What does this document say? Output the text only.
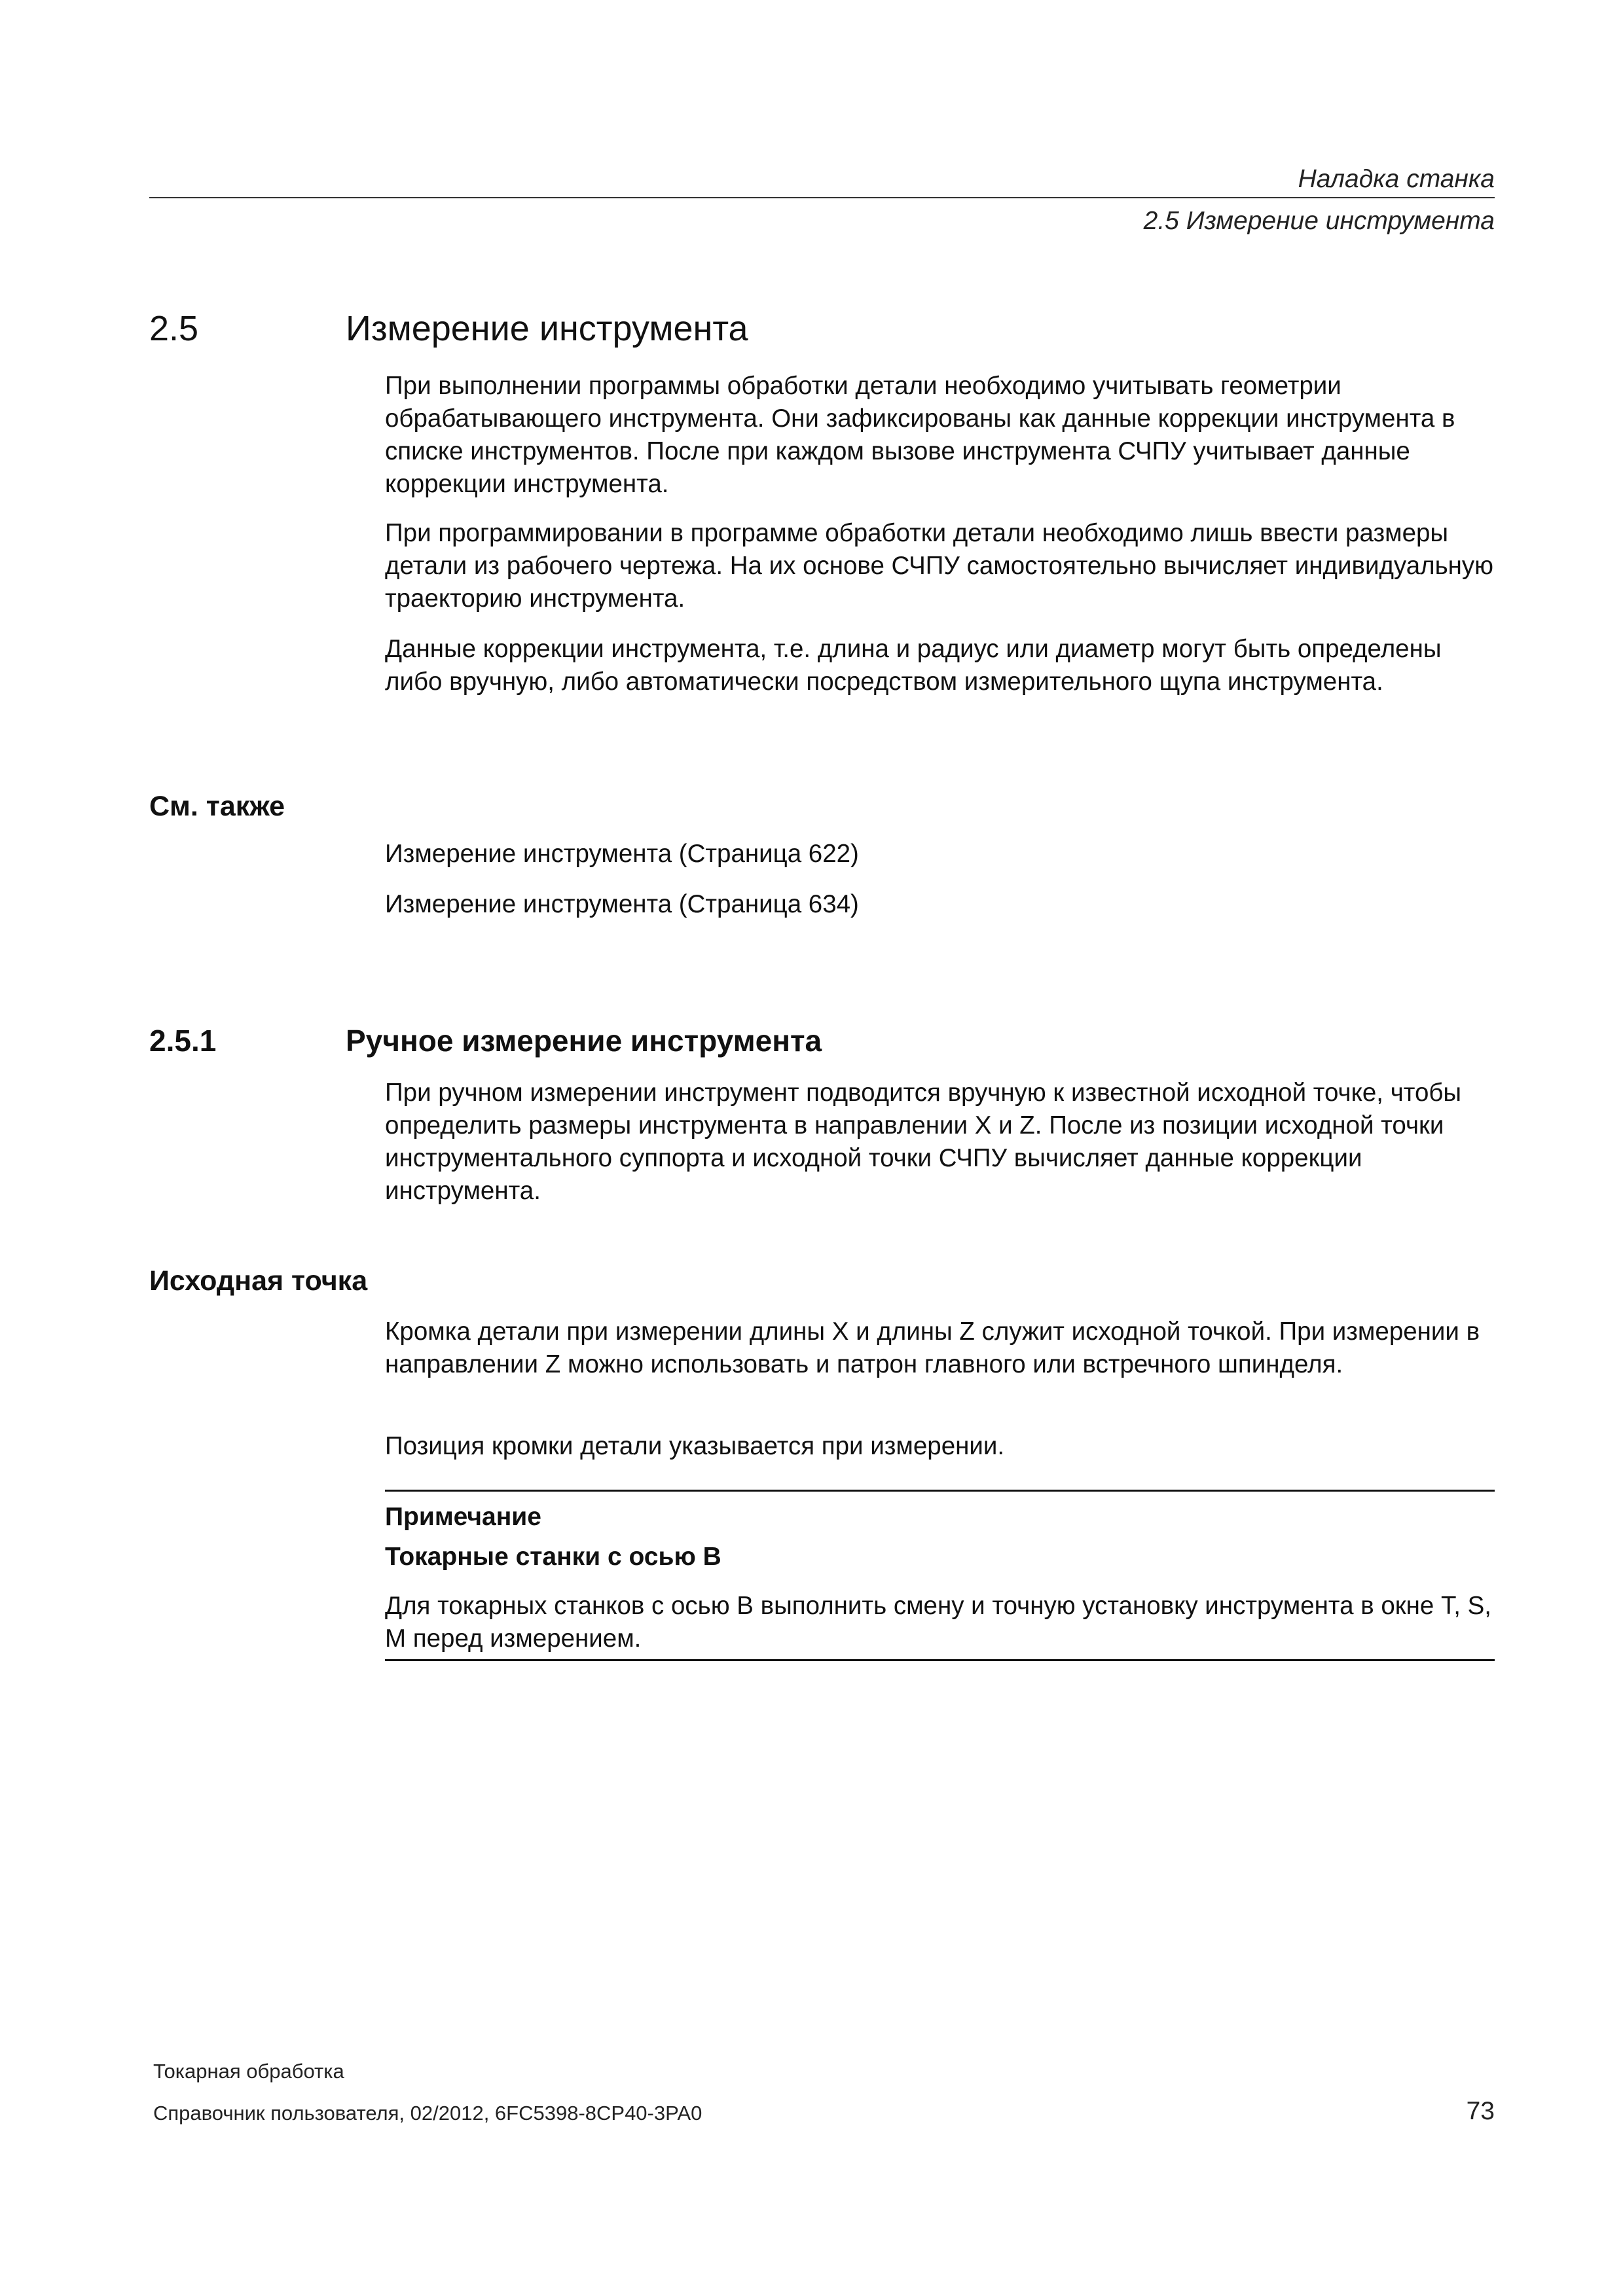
Наладка станка
2.5 Измерение инструмента
2.5	Измерение инструмента
При выполнении программы обработки детали необходимо учитывать геометрии обрабатывающего инструмента. Они зафиксированы как данные коррекции инструмента в списке инструментов. После при каждом вызове инструмента СЧПУ учитывает данные коррекции инструмента.
При программировании в программе обработки детали необходимо лишь ввести размеры детали из рабочего чертежа. На их основе СЧПУ самостоятельно вычисляет индивидуальную траекторию инструмента.
Данные коррекции инструмента, т.е. длина и радиус или диаметр могут быть определены либо вручную, либо автоматически посредством измерительного щупа инструмента.
См. также
Измерение инструмента (Страница 622)
Измерение инструмента (Страница 634)
2.5.1	Ручное измерение инструмента
При ручном измерении инструмент подводится вручную к известной исходной точке, чтобы определить размеры инструмента в направлении X и Z. После из позиции исходной точки инструментального суппорта и исходной точки СЧПУ вычисляет данные коррекции инструмента.
Исходная точка
Кромка детали при измерении длины X и длины Z служит исходной точкой. При измерении в направлении Z можно использовать и патрон главного или встречного шпинделя.
Позиция кромки детали указывается при измерении.
Примечание
Токарные станки с осью B
Для токарных станков с осью B выполнить смену и точную установку инструмента в окне T, S, M перед измерением.
Токарная обработка
Справочник пользователя, 02/2012, 6FC5398-8CP40-3PA0	73
